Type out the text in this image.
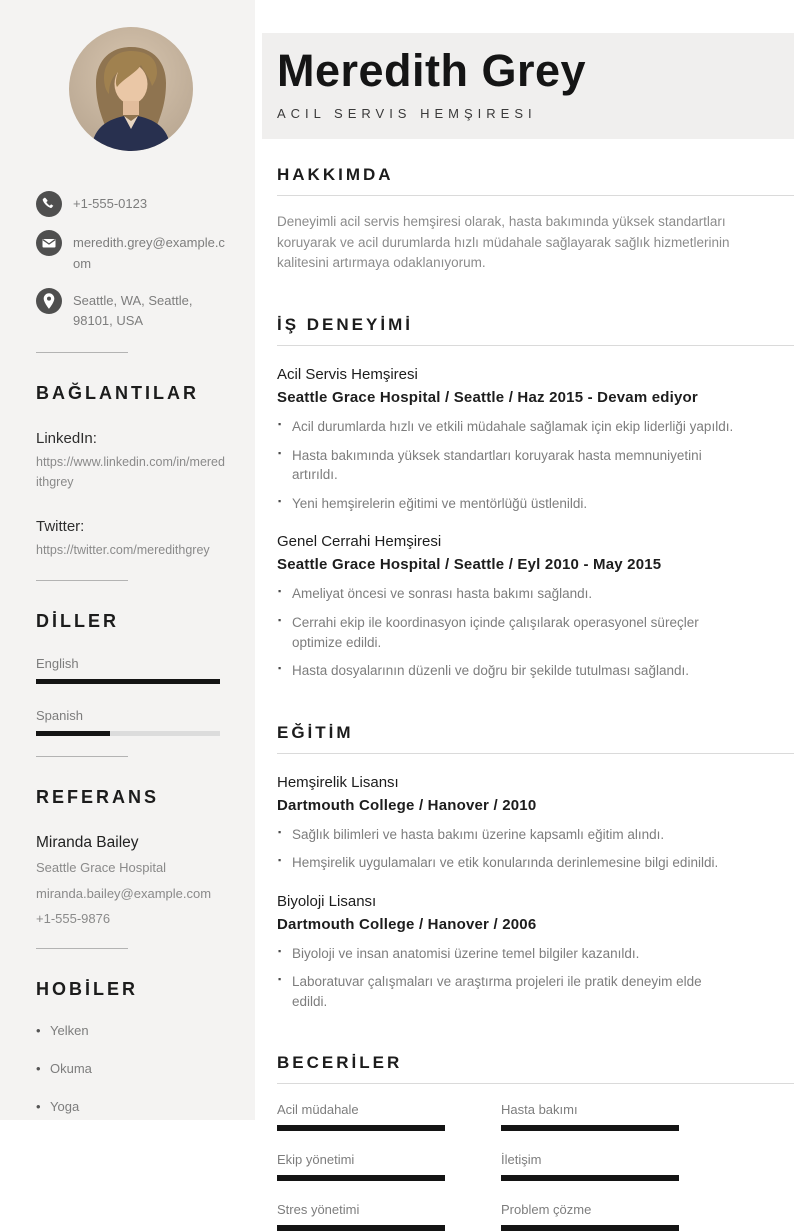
+1-555-0123
meredith.grey@example.com
Seattle, WA, Seattle, 98101, USA
BAĞLANTILAR
LinkedIn:
https://www.linkedin.com/in/meredithgrey
Twitter:
https://twitter.com/meredithgrey
DİLLER
English
Spanish
REFERANS
Miranda Bailey
Seattle Grace Hospital
miranda.bailey@example.com
+1-555-9876
HOBİLER
• Yelken
• Okuma
• Yoga
Meredith Grey
ACIL SERVIS HEMŞIRESI
HAKKIMDA

Deneyimli acil servis hemşiresi olarak, hasta bakımında yüksek standartları koruyarak ve acil durumlarda hızlı müdahale sağlayarak sağlık hizmetlerinin kalitesini artırmaya odaklanıyorum.

İŞ DENEYİMİ
Acil Servis Hemşiresi
Seattle Grace Hospital / Seattle / Haz 2015 - Devam ediyor
▪ Acil durumlarda hızlı ve etkili müdahale sağlamak için ekip liderliği yapıldı.
▪ Hasta bakımında yüksek standartları koruyarak hasta memnuniyetini artırıldı.
▪ Yeni hemşirelerin eğitimi ve mentörlüğü üstlenildi.
Genel Cerrahi Hemşiresi
Seattle Grace Hospital / Seattle / Eyl 2010 - May 2015
▪ Ameliyat öncesi ve sonrası hasta bakımı sağlandı.
▪ Cerrahi ekip ile koordinasyon içinde çalışılarak operasyonel süreçler optimize edildi.
▪ Hasta dosyalarının düzenli ve doğru bir şekilde tutulması sağlandı.
EĞİTİM
Hemşirelik Lisansı
Dartmouth College / Hanover / 2010
▪ Sağlık bilimleri ve hasta bakımı üzerine kapsamlı eğitim alındı.
▪ Hemşirelik uygulamaları ve etik konularında derinlemesine bilgi edinildi.
Biyoloji Lisansı
Dartmouth College / Hanover / 2006
▪ Biyoloji ve insan anatomisi üzerine temel bilgiler kazanıldı.
▪ Laboratuvar çalışmaları ve araştırma projeleri ile pratik deneyim elde edildi.
BECERİLER
Acil müdahale	Hasta bakımı
Ekip yönetimi	İletişim
Stres yönetimi	Problem çözme
